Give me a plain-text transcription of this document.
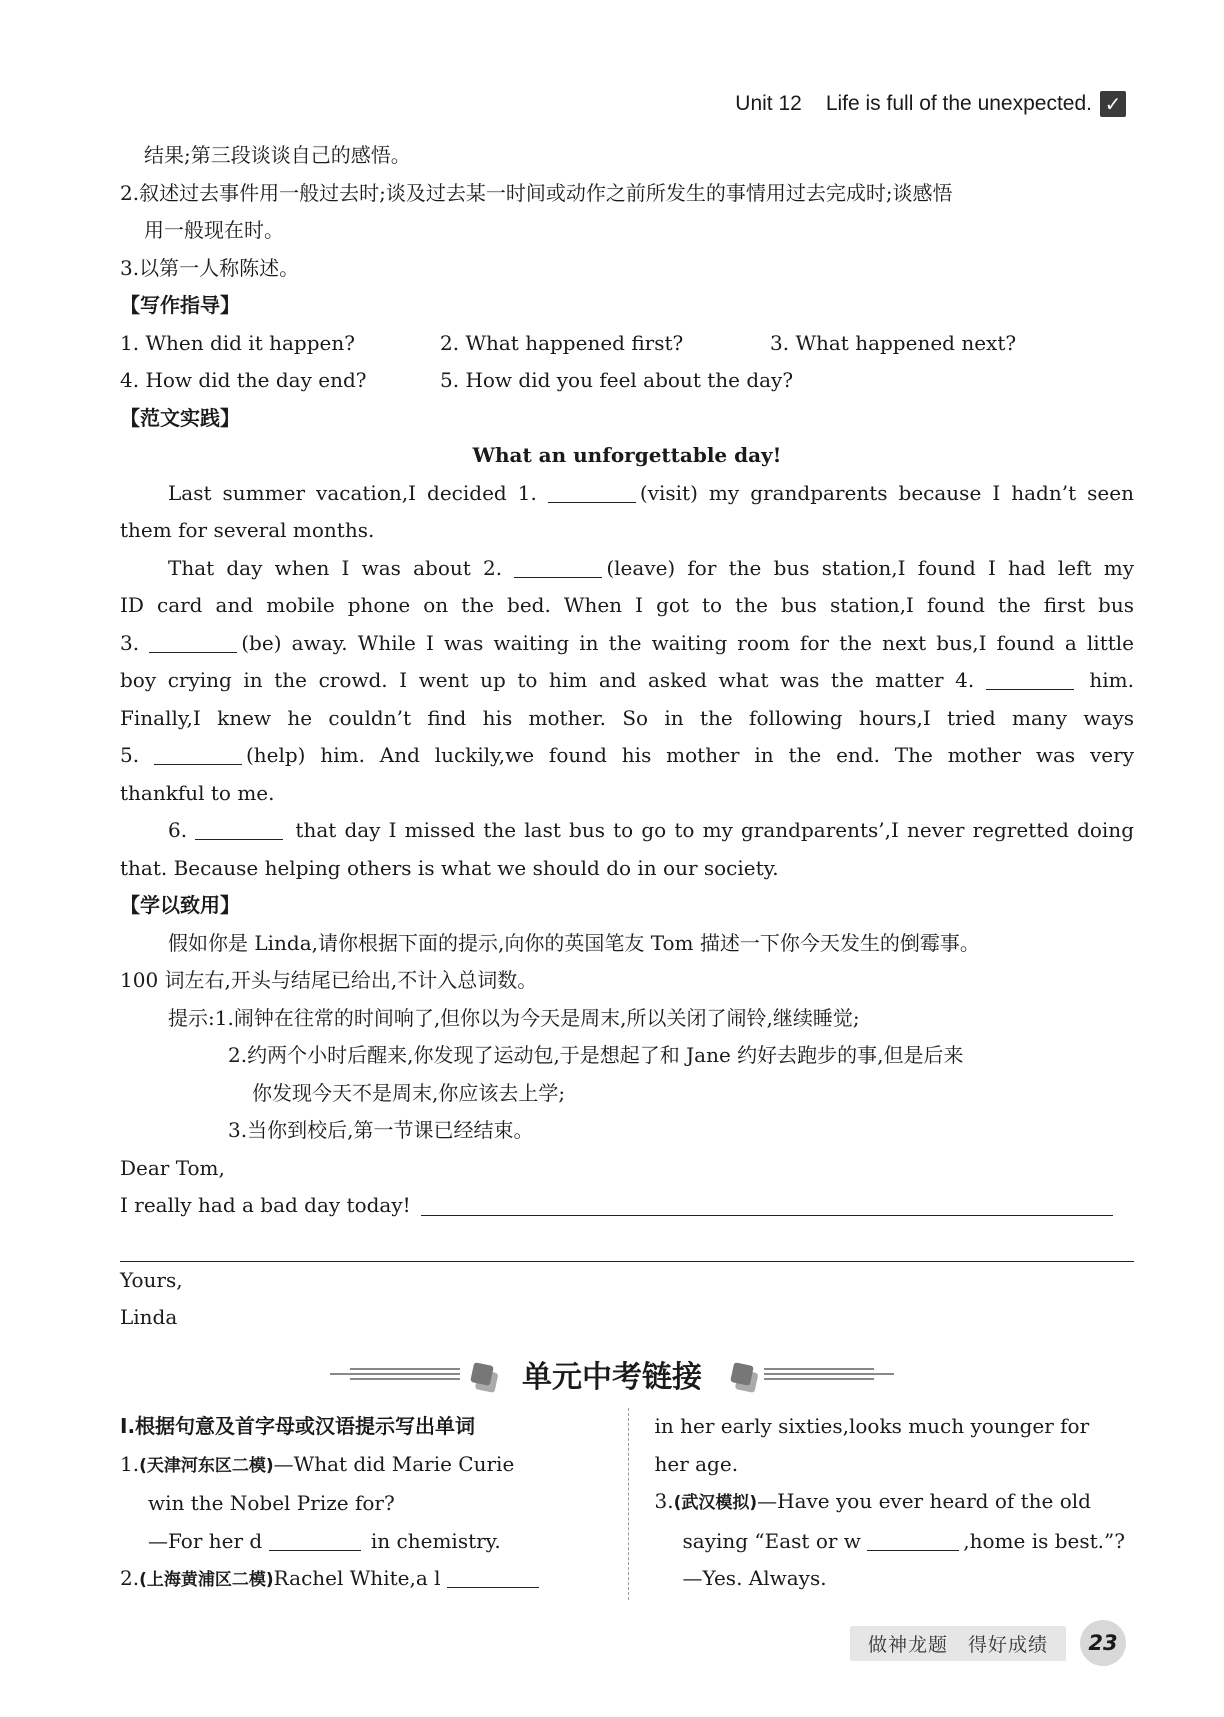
Unit 12 Life is full of the unexpected. ✓
结果;第三段谈谈自己的感悟。
2.叙述过去事件用一般过去时;谈及过去某一时间或动作之前所发生的事情用过去完成时;谈感悟
用一般现在时。
3.以第一人称陈述。
【写作指导】
1. When did it happen?	2. What happened first?	3. What happened next?
4. How did the day end?	5. How did you feel about the day?
【范文实践】
What an unforgettable day!
Last summer vacation,I decided 1.	(visit) my grandparents because I hadn’t seen
them for several months.
That day when I was about 2.	(leave) for the bus station,I found I had left my
ID card and mobile phone on the bed. When I got to the bus station,I found the first bus
3.	(be) away. While I was waiting in the waiting room for the next bus,I found a little
boy crying in the crowd. I went up to him and asked what was the matter 4.	him.
Finally,I knew he couldn’t find his mother. So in the following hours,I tried many ways
5.	(help) him. And luckily,we found his mother in the end. The mother was very
thankful to me.
6.	that day I missed the last bus to go to my grandparents’,I never regretted doing
that. Because helping others is what we should do in our society.
【学以致用】
假如你是 Linda,请你根据下面的提示,向你的英国笔友 Tom 描述一下你今天发生的倒霉事。
100 词左右,开头与结尾已给出,不计入总词数。
提示:1.闹钟在往常的时间响了,但你以为今天是周末,所以关闭了闹铃,继续睡觉;
2.约两个小时后醒来,你发现了运动包,于是想起了和 Jane 约好去跑步的事,但是后来
你发现今天不是周末,你应该去上学;
3.当你到校后,第一节课已经结束。
Dear Tom,
I really had a bad day today!
Yours,
Linda
单元中考链接
Ⅰ.根据句意及首字母或汉语提示写出单词
1.(天津河东区二模)—What did Marie Curie
win the Nobel Prize for?
—For her d	in chemistry.
2.(上海黄浦区二模)Rachel White,a l
in her early sixties,looks much younger for
her age.
3.(武汉模拟)—Have you ever heard of the old
saying “East or w	,home is best.”?
—Yes. Always.
做神龙题　得好成绩	23
